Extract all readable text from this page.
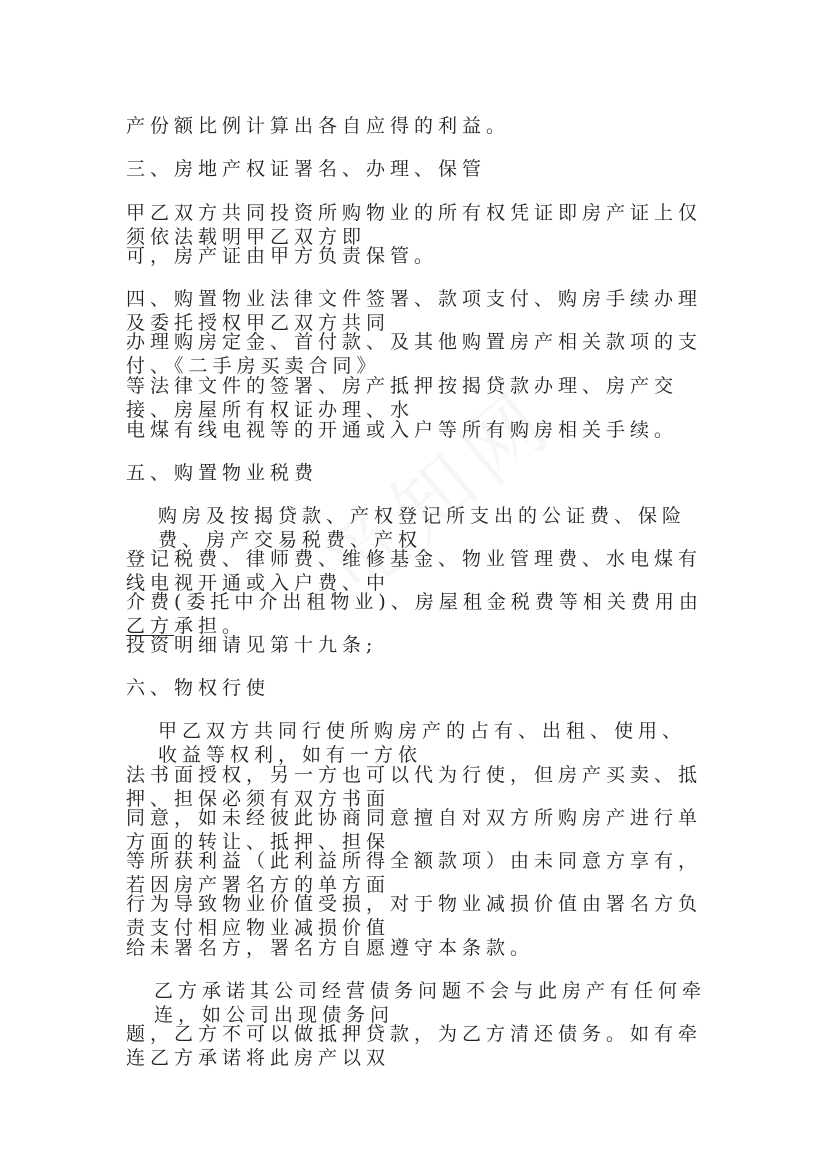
产份额比例计算出各自应得的利益。
三、房地产权证署名、办理、保管
甲乙双方共同投资所购物业的所有权凭证即房产证上仅须依法载明甲乙双方即
可，房产证由甲方负责保管。
四、购置物业法律文件签署、款项支付、购房手续办理及委托授权甲乙双方共同
办理购房定金、首付款、及其他购置房产相关款项的支付、《二手房买卖合同》
等法律文件的签署、房产抵押按揭贷款办理、房产交接、房屋所有权证办理、水
电煤有线电视等的开通或入户等所有购房相关手续。
五、购置物业税费
购房及按揭贷款、产权登记所支出的公证费、保险费、房产交易税费、产权
登记税费、律师费、维修基金、物业管理费、水电煤有线电视开通或入户费、中
介费(委托中介出租物业)、房屋租金税费等相关费用由乙方承担。
投资明细请见第十九条;
六、物权行使
甲乙双方共同行使所购房产的占有、出租、使用、收益等权利，如有一方依
法书面授权，另一方也可以代为行使，但房产买卖、抵押、担保必须有双方书面
同意，如未经彼此协商同意擅自对双方所购房产进行单方面的转让、抵押、担保
等所获利益（此利益所得全额款项）由未同意方享有，若因房产署名方的单方面
行为导致物业价值受损，对于物业减损价值由署名方负责支付相应物业减损价值
给未署名方，署名方自愿遵守本条款。
乙方承诺其公司经营债务问题不会与此房产有任何牵连，如公司出现债务问
题，乙方不可以做抵押贷款，为乙方清还债务。如有牵连乙方承诺将此房产以双
